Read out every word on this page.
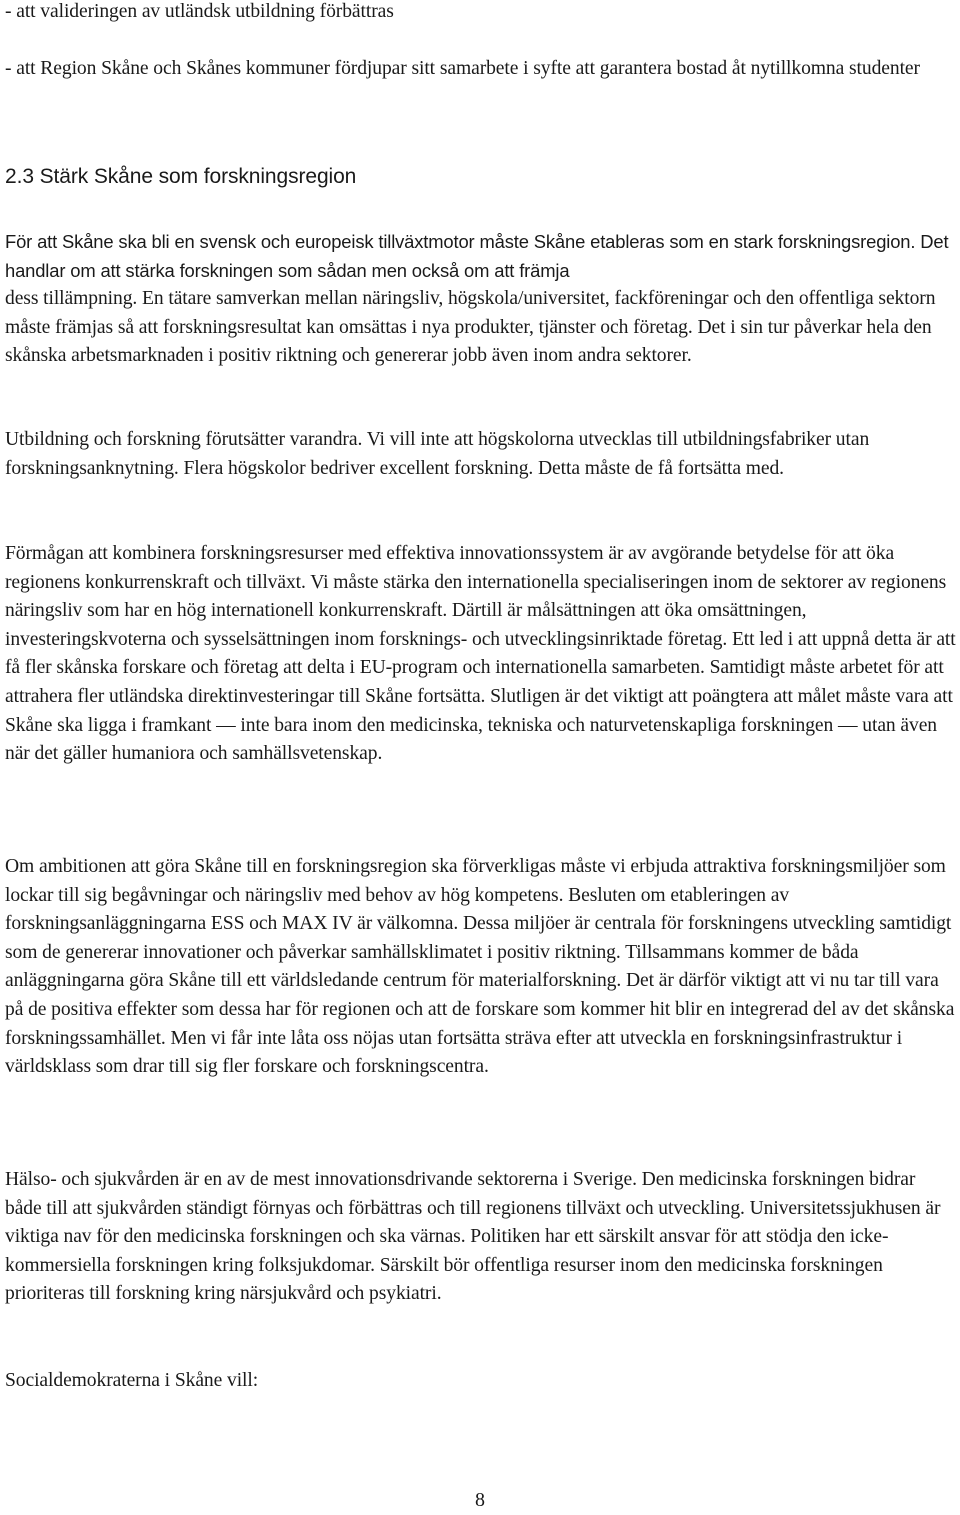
- att valideringen av utländsk utbildning förbättras

- att Region Skåne och Skånes kommuner fördjupar sitt samarbete i syfte att garantera bostad åt nytillkomna studenter

2.3 Stärk Skåne som forskningsregion

För att Skåne ska bli en svensk och europeisk tillväxtmotor måste Skåne etableras som en stark forskningsregion. Det handlar om att stärka forskningen som sådan men också om att främja

dess tillämpning. En tätare samverkan mellan näringsliv, högskola/universitet, fackföreningar och den offentliga sektorn måste främjas så att forskningsresultat kan omsättas i nya produkter, tjänster och företag. Det i sin tur påverkar hela den skånska arbetsmarknaden i positiv riktning och genererar jobb även inom andra sektorer.

Utbildning och forskning förutsätter varandra. Vi vill inte att högskolorna utvecklas till utbildningsfabriker utan forskningsanknytning. Flera högskolor bedriver excellent forskning. Detta måste de få fortsätta med.

Förmågan att kombinera forskningsresurser med effektiva innovationssystem är av avgörande betydelse för att öka regionens konkurrenskraft och tillväxt. Vi måste stärka den internationella specialiseringen inom de sektorer av regionens näringsliv som har en hög internationell konkurrenskraft. Därtill är målsättningen att öka omsättningen, investeringskvoterna och sysselsättningen inom forsknings- och utvecklingsinriktade företag. Ett led i att uppnå detta är att få fler skånska forskare och företag att delta i EU-program och internationella samarbeten. Samtidigt måste arbetet för att attrahera fler utländska direktinvesteringar till Skåne fortsätta. Slutligen är det viktigt att poängtera att målet måste vara att Skåne ska ligga i framkant — inte bara inom den medicinska, tekniska och naturvetenskapliga forskningen — utan även när det gäller humaniora och samhällsvetenskap.

Om ambitionen att göra Skåne till en forskningsregion ska förverkligas måste vi erbjuda attraktiva forskningsmiljöer som lockar till sig begåvningar och näringsliv med behov av hög kompetens. Besluten om etableringen av forskningsanläggningarna ESS och MAX IV är välkomna. Dessa miljöer är centrala för forskningens utveckling samtidigt som de genererar innovationer och påverkar samhällsklimatet i positiv riktning. Tillsammans kommer de båda anläggningarna göra Skåne till ett världsledande centrum för materialforskning. Det är därför viktigt att vi nu tar till vara på de positiva effekter som dessa har för regionen och att de forskare som kommer hit blir en integrerad del av det skånska forskningssamhället. Men vi får inte låta oss nöjas utan fortsätta sträva efter att utveckla en forskningsinfrastruktur i världsklass som drar till sig fler forskare och forskningscentra.

Hälso- och sjukvården är en av de mest innovationsdrivande sektorerna i Sverige. Den medicinska forskningen bidrar både till att sjukvården ständigt förnyas och förbättras och till regionens tillväxt och utveckling. Universitetssjukhusen är viktiga nav för den medicinska forskningen och ska värnas. Politiken har ett särskilt ansvar för att stödja den icke-kommersiella forskningen kring folksjukdomar. Särskilt bör offentliga resurser inom den medicinska forskningen prioriteras till forskning kring närsjukvård och psykiatri.

Socialdemokraterna i Skåne vill:

8
